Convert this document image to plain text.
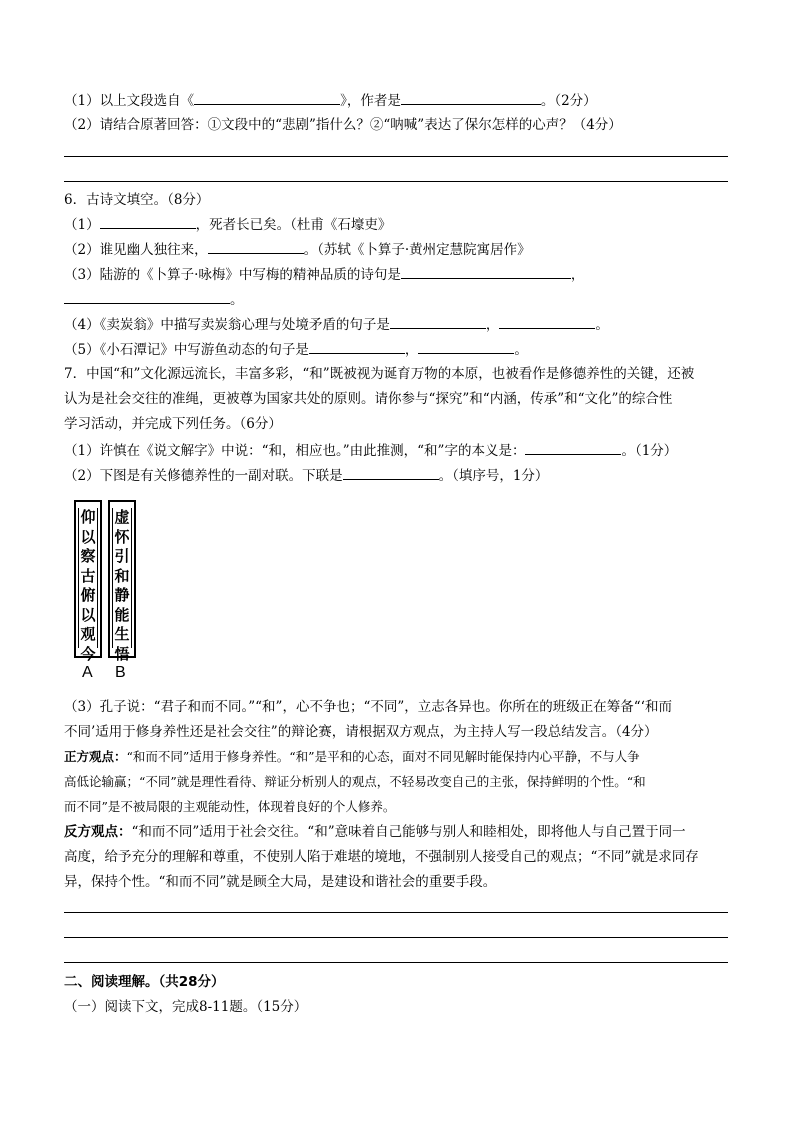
（1）以上文段选自《	》，作者是	。（2分）
（2）请结合原著回答：①文段中的“悲剧”指什么？②“呐喊”表达了保尔怎样的心声？（4分）
6．古诗文填空。（8分）
（1）	，死者长已矣。（杜甫《石壕吏》
（2）谁见幽人独往来，	。（苏轼《卜算子·黄州定慧院寓居作》
（3）陆游的《卜算子·咏梅》中写梅的精神品质的诗句是	，
。
（4）《卖炭翁》中描写卖炭翁心理与处境矛盾的句子是	，	。
（5）《小石潭记》中写游鱼动态的句子是	，	。
7．中国“和”文化源远流长，丰富多彩，“和”既被视为诞育万物的本原，也被看作是修德养性的关键，还被
认为是社会交往的准绳，更被尊为国家共处的原则。请你参与“探究”和“内涵，传承”和“文化”的综合性
学习活动，并完成下列任务。（6分）
（1）许慎在《说文解字》中说：“和，相应也。”由此推测，“和”字的本义是：	。（1分）
（2）下图是有关修德养性的一副对联。下联是	。（填序号，1分）
仰
以
察
古
俯
以
观
今
虚
怀
引
和
静
能
生
悟
A B
（3）孔子说：“君子和而不同。”“和”，心不争也；“不同”，立志各异也。你所在的班级正在筹备“‘和而
不同’适用于修身养性还是社会交往”的辩论赛，请根据双方观点，为主持人写一段总结发言。（4分）
正方观点：“和而不同”适用于修身养性。“和”是平和的心态，面对不同见解时能保持内心平静，不与人争
高低论输赢；“不同”就是理性看待、辩证分析别人的观点，不轻易改变自己的主张，保持鲜明的个性。“和
而不同”是不被局限的主观能动性，体现着良好的个人修养。
反方观点：“和而不同”适用于社会交往。“和”意味着自己能够与别人和睦相处，即将他人与自己置于同一
高度，给予充分的理解和尊重，不使别人陷于难堪的境地，不强制别人接受自己的观点；“不同”就是求同存
异，保持个性。“和而不同”就是顾全大局，是建设和谐社会的重要手段。
二、阅读理解。（共28分）
（一）阅读下文，完成8-11题。（15分）
